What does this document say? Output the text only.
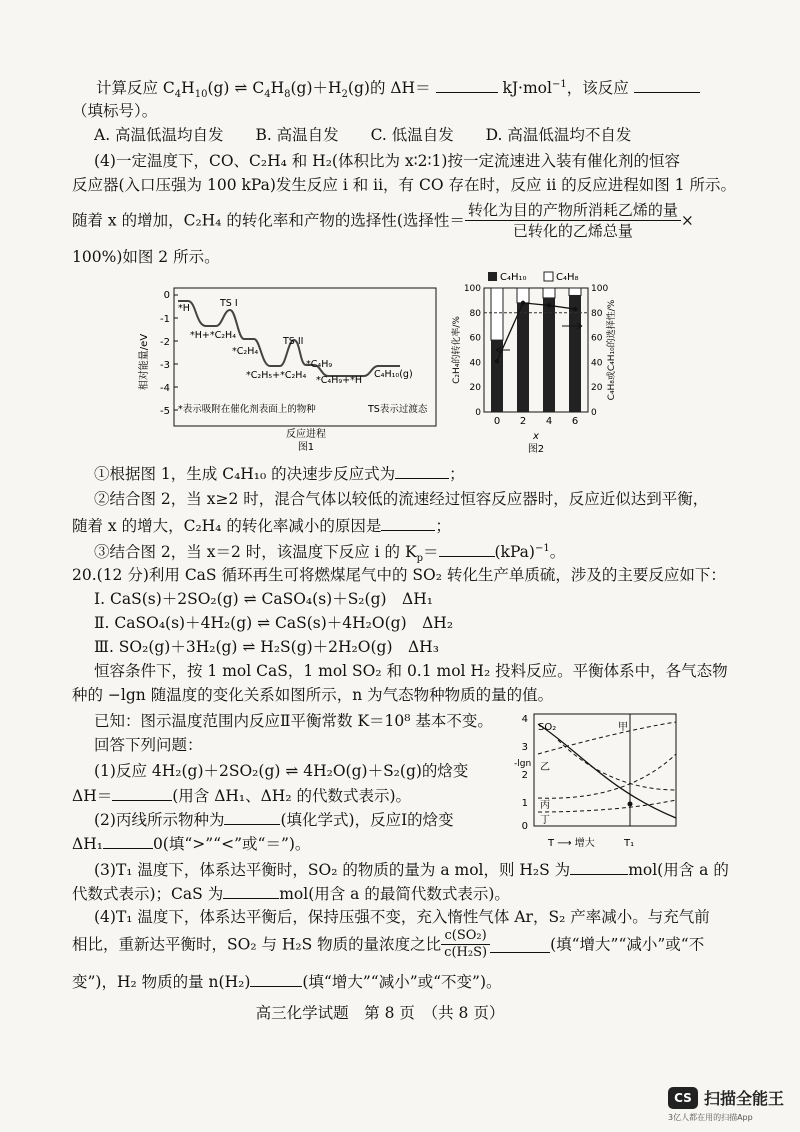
计算反应 $C_4H_{10}(g)$ ⇌ $C_4H_8(g)+H_2(g)$的 ΔH＝	kJ·mol$^{-1}$，该反应
（填标号）。
A. 高温低温均自发 B. 高温自发 C. 低温自发 D. 高温低温均不自发
(4)一定温度下，CO、C₂H₄ 和 H₂(体积比为 x∶2∶1)按一定流速进入装有催化剂的恒容
反应器(入口压强为 100 kPa)发生反应 i 和 ii，有 CO 存在时，反应 ii 的反应进程如图 1 所示。
随着 x 的增加，C₂H₄ 的转化率和产物的选择性(选择性＝ $\frac{\text{转化为目的产物所消耗乙烯的量}}{\text{已转化的乙烯总量}}$ ×
100%)如图 2 所示。
相对能量/eV
0
-1
-2
-3
-4
-5
*H
*H+*C₂H₄
TS I
*C₂H₄
*C₂H₅+*C₂H₄
TS II
*C₄H₉
*C₄H₉+*H
C₄H₁₀(g)
*表示吸附在催化剂表面上的物种	TS表示过渡态
反应进程
图1
C₄H₁₀	C₄H₈
C₂H₄的转化率/%	C₄H₈或C₄H₁₀的选择性/%
0	0
20	20
40	40
60	60
80	80
100	100
0 2 4 6
x
图2
①根据图 1，生成 C₄H₁₀ 的决速步反应式为	；
②结合图 2，当 x≥2 时，混合气体以较低的流速经过恒容反应器时，反应近似达到平衡，
随着 x 的增大，C₂H₄ 的转化率减小的原因是	；
③结合图 2，当 x＝2 时，该温度下反应 i 的 $K_p=$	(kPa)$^{-1}$。
20.(12 分)利用 CaS 循环再生可将燃煤尾气中的 SO₂ 转化生产单质硫，涉及的主要反应如下：
Ⅰ. CaS(s)＋2SO₂(g) ⇌ CaSO₄(s)＋S₂(g)　ΔH₁
Ⅱ. CaSO₄(s)＋4H₂(g) ⇌ CaS(s)＋4H₂O(g)　ΔH₂
Ⅲ. SO₂(g)＋3H₂(g) ⇌ H₂S(g)＋2H₂O(g)　ΔH₃
恒容条件下，按 1 mol CaS，1 mol SO₂ 和 0.1 mol H₂ 投料反应。平衡体系中，各气态物
种的 −lgn 随温度的变化关系如图所示，n 为气态物种物质的量的值。
已知：图示温度范围内反应Ⅱ平衡常数 K＝10⁸ 基本不变。
回答下列问题：
(1)反应 4H₂(g)＋2SO₂(g) ⇌ 4H₂O(g)＋S₂(g)的焓变
ΔH＝	(用含 ΔH₁、ΔH₂ 的代数式表示)。
(2)丙线所示物种为	(填化学式)，反应Ⅰ的焓变
ΔH₁	0(填“>”“<”或“＝”)。
(3)T₁ 温度下，体系达平衡时，SO₂ 的物质的量为 a mol，则 H₂S 为	mol(用含 a 的
代数式表示)；CaS 为	mol(用含 a 的最简代数式表示)。
(4)T₁ 温度下，体系达平衡后，保持压强不变，充入惰性气体 Ar，S₂ 产率减小。与充气前
相比，重新达平衡时，SO₂ 与 H₂S 物质的量浓度之比 $\frac{\text{c(SO₂)}}{\text{c(H₂S)}}$	(填“增大”“减小”或“不
变”)，H₂ 物质的量 n(H₂)	(填“增大”“减小”或“不变”)。
4
3
2
1
0
-lgn
SO₂	甲
乙
丙
丁
T ⟶ 增大	T₁
高三化学试题　第 8 页　（共 8 页）
CS 扫描全能王
3亿人都在用的扫描App
